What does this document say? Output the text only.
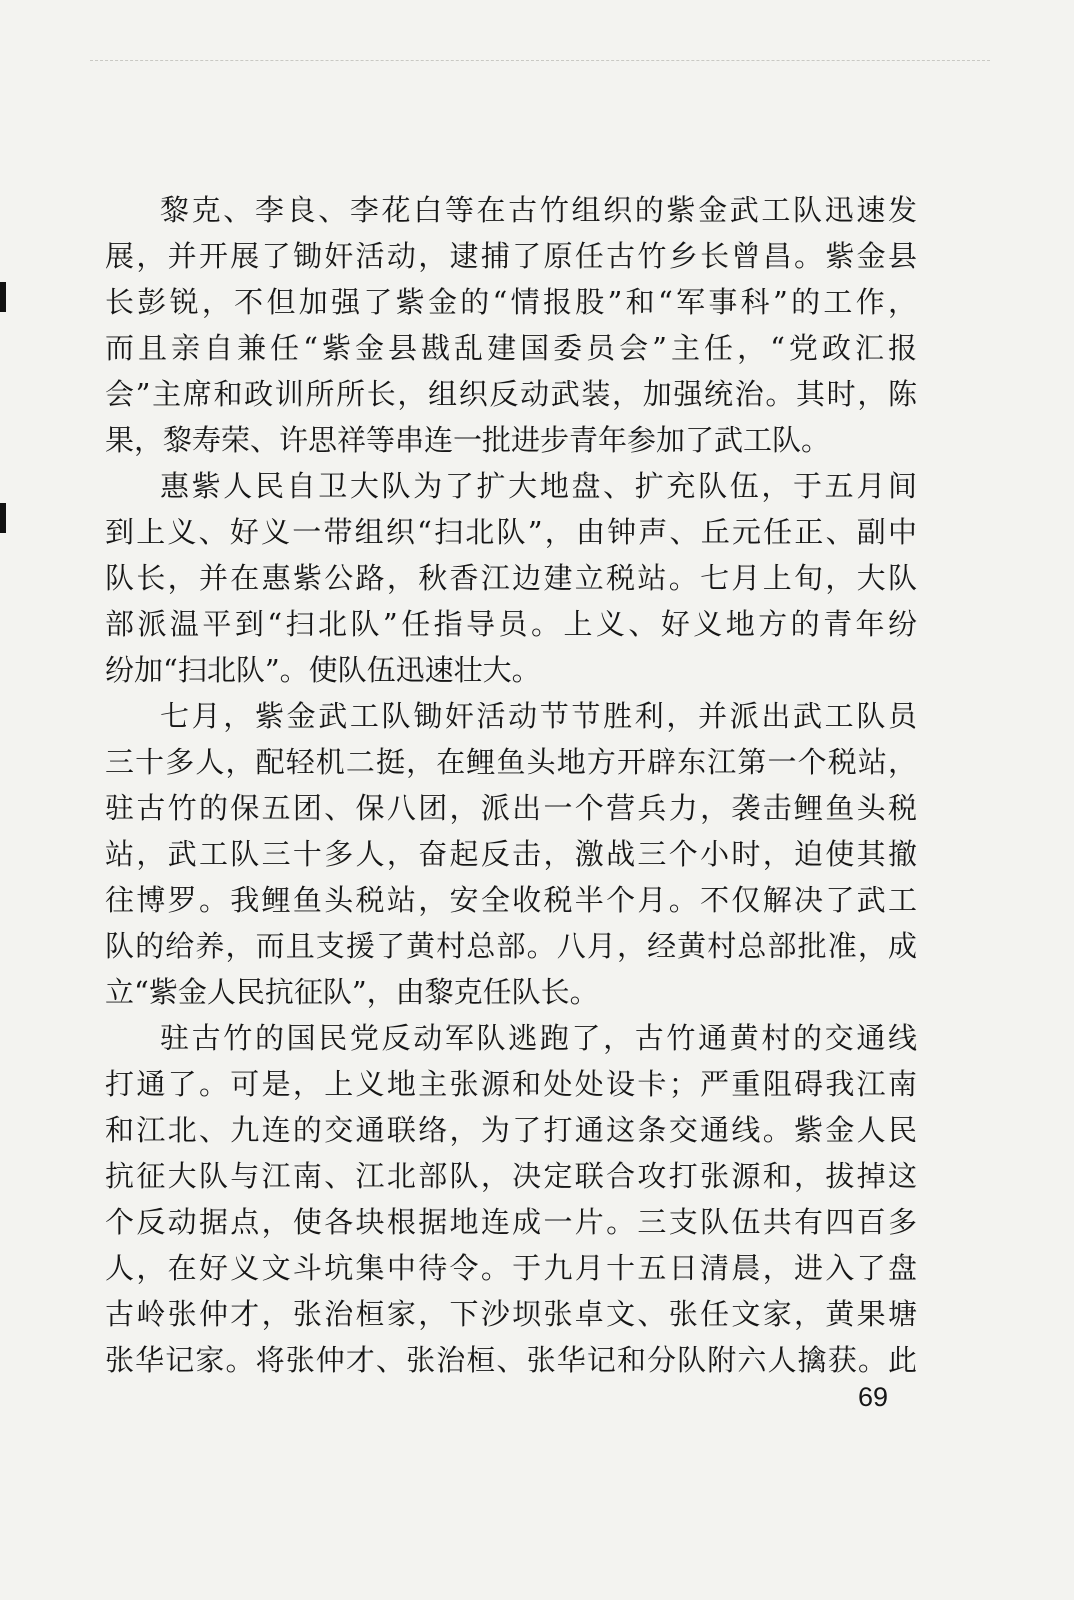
黎克、李良、李花白等在古竹组织的紫金武工队迅速发
展，并开展了锄奸活动，逮捕了原任古竹乡长曾昌。紫金县
长彭锐，不但加强了紫金的“情报股”和“军事科”的工作，
而且亲自兼任“紫金县戡乱建国委员会”主任，“党政汇报
会”主席和政训所所长，组织反动武装，加强统治。其时，陈
果，黎寿荣、许思祥等串连一批进步青年参加了武工队。
惠紫人民自卫大队为了扩大地盘、扩充队伍，于五月间
到上义、好义一带组织“扫北队”，由钟声、丘元任正、副中
队长，并在惠紫公路，秋香江边建立税站。七月上旬，大队
部派温平到“扫北队”任指导员。上义、好义地方的青年纷
纷加“扫北队”。使队伍迅速壮大。
七月，紫金武工队锄奸活动节节胜利，并派出武工队员
三十多人，配轻机二挺，在鲤鱼头地方开辟东江第一个税站，
驻古竹的保五团、保八团，派出一个营兵力，袭击鲤鱼头税
站，武工队三十多人，奋起反击，激战三个小时，迫使其撤
往博罗。我鲤鱼头税站，安全收税半个月。不仅解决了武工
队的给养，而且支援了黄村总部。八月，经黄村总部批准，成
立“紫金人民抗征队”，由黎克任队长。
驻古竹的国民党反动军队逃跑了，古竹通黄村的交通线
打通了。可是，上义地主张源和处处设卡；严重阻碍我江南
和江北、九连的交通联络，为了打通这条交通线。紫金人民
抗征大队与江南、江北部队，决定联合攻打张源和，拔掉这
个反动据点，使各块根据地连成一片。三支队伍共有四百多
人，在好义文斗坑集中待令。于九月十五日清晨，进入了盘
古岭张仲才，张治桓家，下沙坝张卓文、张任文家，黄果塘
张华记家。将张仲才、张治桓、张华记和分队附六人擒获。此
69
